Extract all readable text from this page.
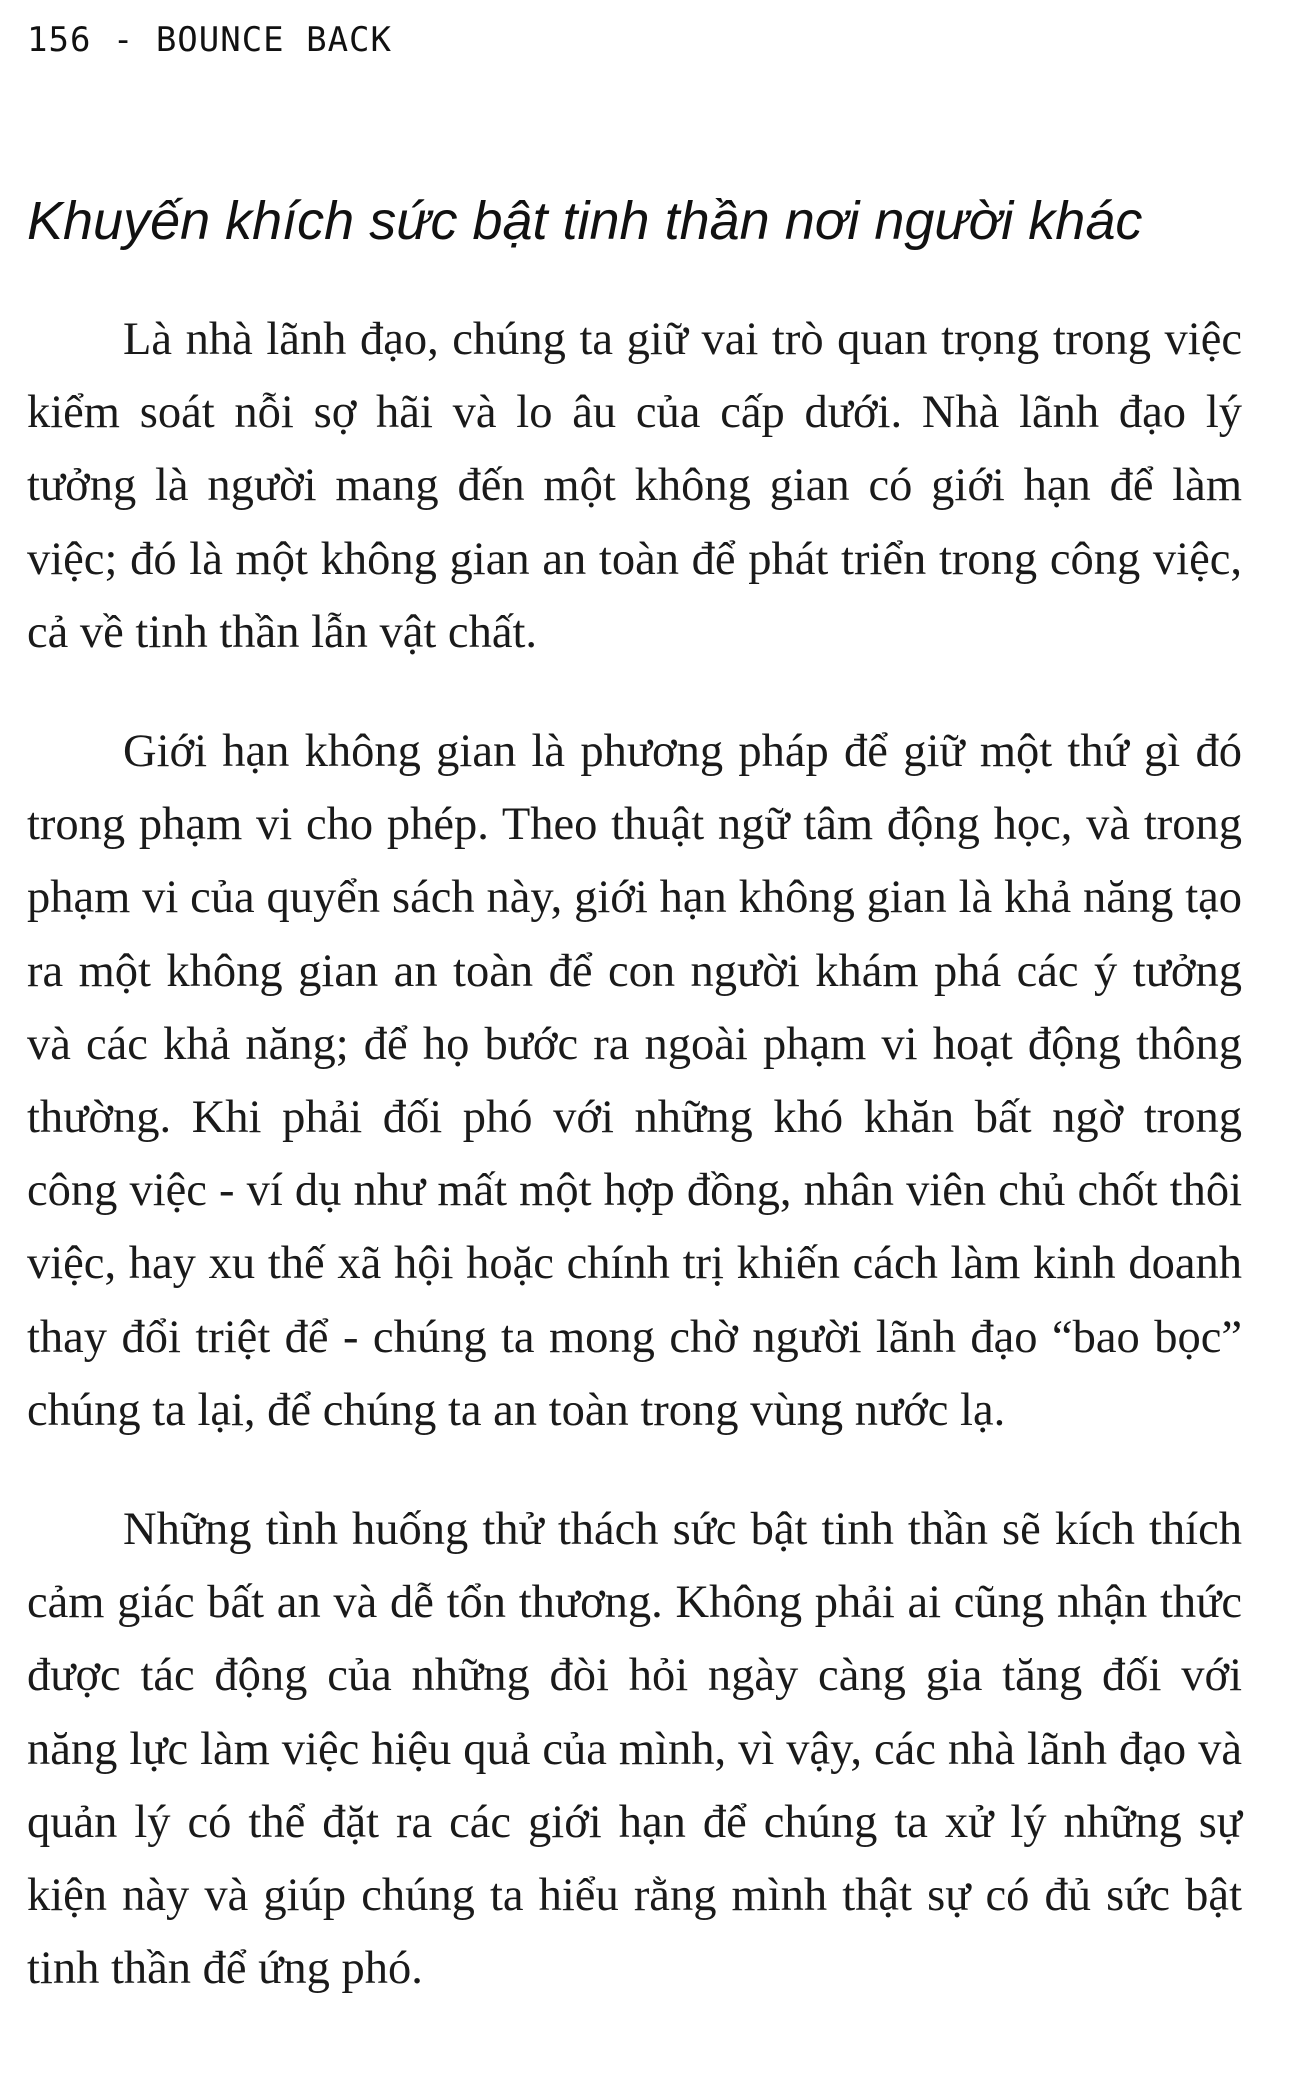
156 - BOUNCE BACK
Khuyến khích sức bật tinh thần nơi người khác

Là nhà lãnh đạo, chúng ta giữ vai trò quan trọng trong việc kiểm soát nỗi sợ hãi và lo âu của cấp dưới. Nhà lãnh đạo lý tưởng là người mang đến một không gian có giới hạn để làm việc; đó là một không gian an toàn để phát triển trong công việc, cả về tinh thần lẫn vật chất.

Giới hạn không gian là phương pháp để giữ một thứ gì đó trong phạm vi cho phép. Theo thuật ngữ tâm động học, và trong phạm vi của quyển sách này, giới hạn không gian là khả năng tạo ra một không gian an toàn để con người khám phá các ý tưởng và các khả năng; để họ bước ra ngoài phạm vi hoạt động thông thường. Khi phải đối phó với những khó khăn bất ngờ trong công việc - ví dụ như mất một hợp đồng, nhân viên chủ chốt thôi việc, hay xu thế xã hội hoặc chính trị khiến cách làm kinh doanh thay đổi triệt để - chúng ta mong chờ người lãnh đạo “bao bọc” chúng ta lại, để chúng ta an toàn trong vùng nước lạ.

Những tình huống thử thách sức bật tinh thần sẽ kích thích cảm giác bất an và dễ tổn thương. Không phải ai cũng nhận thức được tác động của những đòi hỏi ngày càng gia tăng đối với năng lực làm việc hiệu quả của mình, vì vậy, các nhà lãnh đạo và quản lý có thể đặt ra các giới hạn để chúng ta xử lý những sự kiện này và giúp chúng ta hiểu rằng mình thật sự có đủ sức bật tinh thần để ứng phó.
